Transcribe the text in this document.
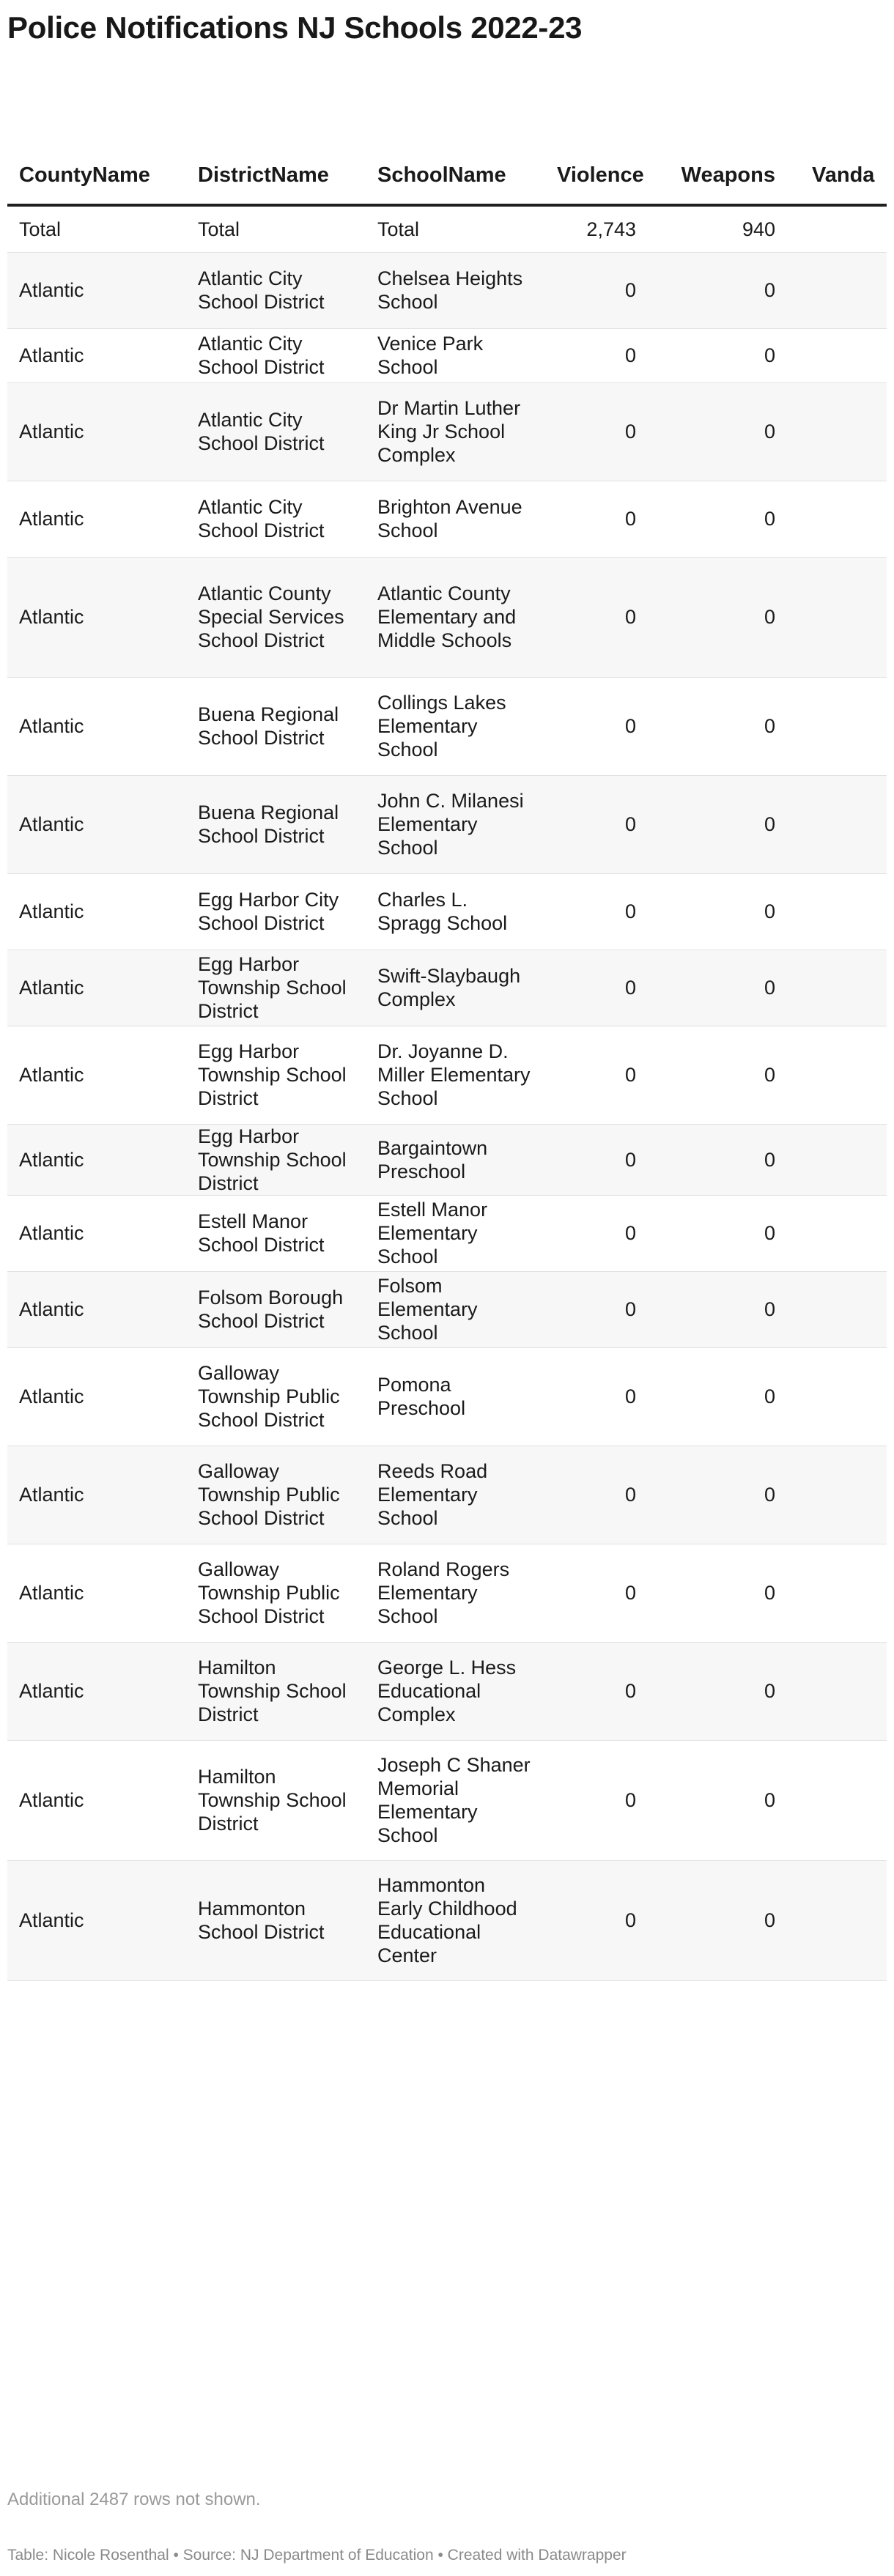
Police Notifications NJ Schools 2022-23
CountyName	DistrictName	SchoolName	Violence	Weapons	Vanda
Total	Total	Total	2,743	940	
Atlantic	Atlantic City School District	Chelsea Heights School	0	0	
Atlantic	Atlantic City School District	Venice Park School	0	0	
Atlantic	Atlantic City School District	Dr Martin Luther King Jr School Complex	0	0	
Atlantic	Atlantic City School District	Brighton Avenue School	0	0	
Atlantic	Atlantic County Special Services School District	Atlantic County Elementary and Middle Schools	0	0	
Atlantic	Buena Regional School District	Collings Lakes Elementary School	0	0	
Atlantic	Buena Regional School District	John C. Milanesi Elementary School	0	0	
Atlantic	Egg Harbor City School District	Charles L. Spragg School	0	0	
Atlantic	Egg Harbor Township School District	Swift-Slaybaugh Complex	0	0	
Atlantic	Egg Harbor Township School District	Dr. Joyanne D. Miller Elementary School	0	0	
Atlantic	Egg Harbor Township School District	Bargaintown Preschool	0	0	
Atlantic	Estell Manor School District	Estell Manor Elementary School	0	0	
Atlantic	Folsom Borough School District	Folsom Elementary School	0	0	
Atlantic	Galloway Township Public School District	Pomona Preschool	0	0	
Atlantic	Galloway Township Public School District	Reeds Road Elementary School	0	0	
Atlantic	Galloway Township Public School District	Roland Rogers Elementary School	0	0	
Atlantic	Hamilton Township School District	George L. Hess Educational Complex	0	0	
Atlantic	Hamilton Township School District	Joseph C Shaner Memorial Elementary School	0	0	
Atlantic	Hammonton School District	Hammonton Early Childhood Educational Center	0	0	
Additional 2487 rows not shown.
Table: Nicole Rosenthal • Source: NJ Department of Education • Created with Datawrapper
